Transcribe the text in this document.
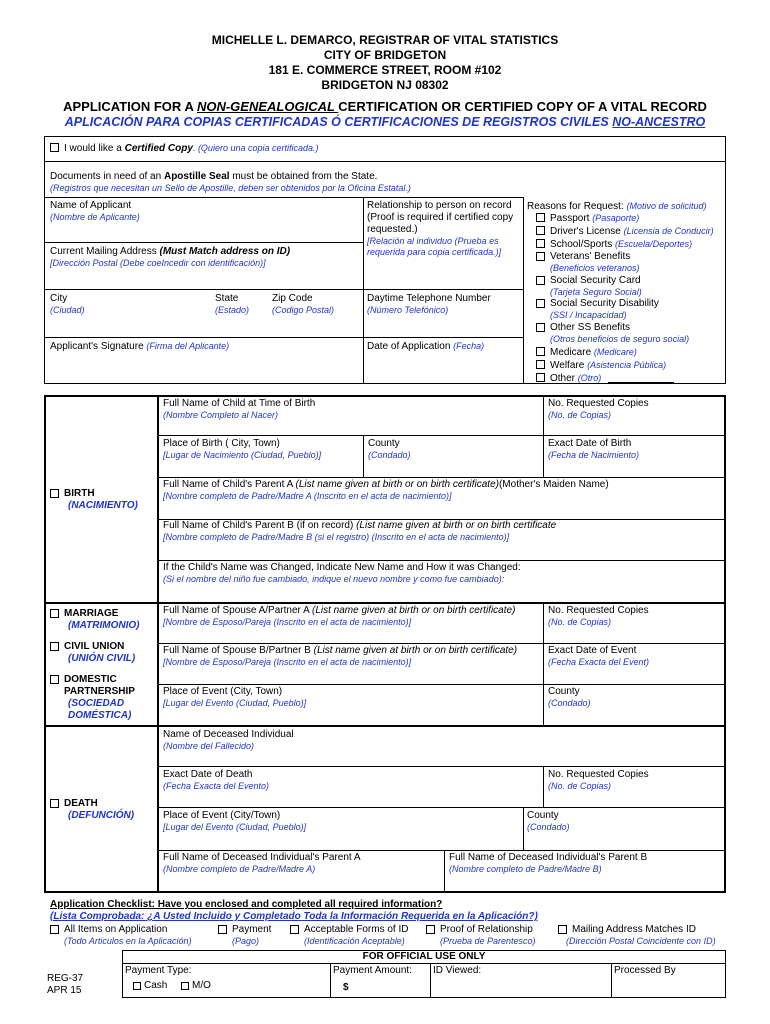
MICHELLE L. DEMARCO, REGISTRAR OF VITAL STATISTICS
CITY OF BRIDGETON
181 E. COMMERCE STREET, ROOM #102
BRIDGETON NJ 08302
APPLICATION FOR A NON-GENEALOGICAL CERTIFICATION OR CERTIFIED COPY OF A VITAL RECORD
APLICACIÓN PARA COPIAS CERTIFICADAS Ó CERTIFICACIONES DE REGISTROS CIVILES NO-ANCESTRO
I would like a Certified Copy. (Quiero una copia certificada.)
Documents in need of an Apostille Seal must be obtained from the State.
(Registros que necesitan un Sello de Apostille, deben ser obtenidos por la Oficina Estatal.)
Name of Applicant
(Nombre de Aplicante)
Current Mailing Address (Must Match address on ID)
[Dirección Postal (Debe coeIncedir con identificación)]
City
(Ciudad)
State
(Estado)
Zip Code
(Codigo Postal)
Applicant's Signature (Firma del Aplicante)
Relationship to person on record (Proof is required if certified copy requested.)
[Relación al individuo (Prueba es requerida para copia certificada.)]
Daytime Telephone Number
(Número Telefónico)
Date of Application (Fecha)
Reasons for Request: (Motivo de solicitud)
Passport (Pasaporte)
Driver's License (Licensia de Conducir)
School/Sports (Escuela/Deportes)
Veterans' Benefits
(Beneficios veteranos)
Social Security Card
(Tarjeta Seguro Social)
Social Security Disability
(SSI / Incapacidad)
Other SS Benefits
(Otros beneficios de seguro social)
Medicare (Medicare)
Welfare (Asistencia Pública)
Other (Otro)
BIRTH
(NACIMIENTO)
Full Name of Child at Time of Birth
(Nombre Completo al Nacer)
No. Requested Copies
(No. de Copias)
Place of Birth ( City, Town)
[Lugar de Nacimiento (Ciudad, Pueblo)]
County
(Condado)
Exact Date of Birth
(Fecha de Nacimiento)
Full Name of Child's Parent A (List name given at birth or on birth certificate)(Mother's Maiden Name)
[Nombre completo de Padre/Madre A (Inscrito en el acta de nacimiento)]
Full Name of Child's Parent B (if on record) (List name given at birth or on birth certificate
[Nombre completo de Padre/Madre B (si el registro) (Inscrito en el acta de nacimiento)]
If the Child's Name was Changed, Indicate New Name and How it was Changed:
(Si el nombre del niño fue cambiado, indique el nuevo nombre y como fue cambiado):
MARRIAGE
(MATRIMONIO)
CIVIL UNION
(UNIÓN CIVIL)
DOMESTIC
PARTNERSHIP
(SOCIEDAD
DOMÉSTICA)
Full Name of Spouse A/Partner A (List name given at birth or on birth certificate)
[Nombre de Esposo/Pareja (Inscrito en el acta de nacimiento)]
No. Requested Copies
(No. de Copias)
Full Name of Spouse B/Partner B (List name given at birth or on birth certificate)
[Nombre de Esposo/Pareja (Inscrito en el acta de nacimiento)]
Exact Date of Event
(Fecha Exacta del Event)
Place of Event (City, Town)
[Lugar del Evento (Ciudad, Pueblo)]
County
(Condado)
DEATH
(DEFUNCIÓN)
Name of Deceased Individual
(Nombre del Fallecido)
Exact Date of Death
(Fecha Exacta del Evento)
No. Requested Copies
(No. de Copias)
Place of Event (City/Town)
[Lugar del Evento (Ciudad, Pueblo)]
County
(Condado)
Full Name of Deceased Individual's Parent A
(Nombre completo de Padre/Madre A)
Full Name of Deceased Individual's Parent B
(Nombre completo de Padre/Madre B)
Application Checklist: Have you enclosed and completed all required information?
(Lista Comprobada: ¿A Usted Incluido y Completado Toda la Información Requerida en la Aplicación?)
All Items on Application
(Todo Articulos en la Aplicación)
Payment
(Pago)
Acceptable Forms of ID
(Identificación Aceptable)
Proof of Relationship
(Prueba de Parentesco)
Mailing Address Matches ID
(Dirección Postal Coincidente con ID)
FOR OFFICIAL USE ONLY
REG-37
APR 15
Payment Type:
Cash M/O
Payment Amount:
$
ID Viewed:	Processed By
